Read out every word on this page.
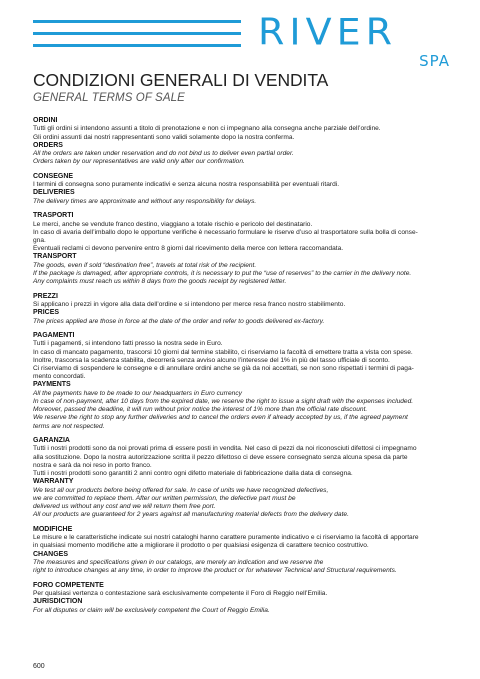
RIVER
SPA
CONDIZIONI GENERALI DI VENDITA
GENERAL TERMS OF SALE
ORDINI
Tutti gli ordini si intendono assunti a titolo di prenotazione e non ci impegnano alla consegna anche parziale dell’ordine.
Gli ordini assunti dai nostri rappresentanti sono validi solamente dopo la nostra conferma.
ORDERS
All the orders are taken under reservation and do not bind us to deliver even partial order.
Orders taken by our representatives are valid only after our confirmation.
CONSEGNE
I termini di consegna sono puramente indicativi e senza alcuna nostra responsabilità per eventuali ritardi.
DELIVERIES
The delivery times are approximate and without any responsibility for delays.
TRASPORTI
Le merci, anche se vendute franco destino, viaggiano a totale rischio e pericolo del destinatario.
In caso di avaria dell’imballo dopo le opportune verifiche è necessario formulare le riserve d’uso al trasportatore sulla bolla di conse-
gna.
Eventuali reclami ci devono pervenire entro 8 giorni dal ricevimento della merce con lettera raccomandata.
TRANSPORT
The goods, even if sold “destination free”, travels at total risk of the recipient.
If the package is damaged, after appropriate controls, it is necessary to put the “use of reserves” to the carrier in the delivery note.
Any complaints must reach us within 8 days from the goods receipt by registered letter.
PREZZI
Si applicano i prezzi in vigore alla data dell’ordine e si intendono per merce resa franco nostro stabilimento.
PRICES
The prices applied are those in force at the date of the order and refer to goods delivered ex-factory.
PAGAMENTI
Tutti i pagamenti, si intendono fatti presso la nostra sede in Euro.
In caso di mancato pagamento, trascorsi 10 giorni dal termine stabilito, ci riserviamo la facoltà di emettere tratta a vista con spese.
Inoltre, trascorsa la scadenza stabilita, decorrerà senza avviso alcuno l’interesse del 1% in più del tasso ufficiale di sconto.
Ci riserviamo di sospendere le consegne e di annullare ordini anche se già da noi accettati, se non sono rispettati i termini di paga-
mento concordati.
PAYMENTS
All the payments have to be made to our headquarters in Euro currency
In case of non-payment, after 10 days from the expired date, we reserve the right to issue a sight draft with the expenses included.
Moreover, passed the deadline, it will run without prior notice the interest of 1% more than the official rate discount.
We reserve the right to stop any further deliveries and to cancel the orders even if already accepted by us, if the agreed payment
terms are not respected.
GARANZIA
Tutti i nostri prodotti sono da noi provati prima di essere posti in vendita. Nel caso di pezzi da noi riconosciuti difettosi ci impegnamo
alla sostituzione. Dopo la nostra autorizzazione scritta il pezzo difettoso ci deve essere consegnato senza alcuna spesa da parte
nostra e sarà da noi reso in porto franco.
Tutti i nostri prodotti sono garantiti 2 anni contro ogni difetto materiale di fabbricazione dalla data di consegna.
WARRANTY
We test all our products before being offered for sale. In case of units we have recognized defectives,
we are committed to replace them. After our written permission, the defective part must be
delivered us without any cost and we will return them free port.
All our products are guaranteed for 2 years against all manufacturing material defects from the delivery date.
MODIFICHE
Le misure e le caratteristiche indicate sui nostri cataloghi hanno carattere puramente indicativo e ci riserviamo la facoltà di apportare
in qualsiasi momento modifiche atte a migliorare il prodotto o per qualsiasi esigenza di carattere tecnico costruttivo.
CHANGES
The measures and specifications given in our catalogs, are merely an indication and we reserve the
right to introduce changes at any time, in order to improve the product or for whatever Technical and Structural requirements.
FORO COMPETENTE
Per qualsiasi vertenza o contestazione sarà esclusivamente competente il Foro di Reggio nell’Emilia.
JURISDICTION
For all disputes or claim will be exclusively competent the Court of Reggio Emilia.
600
